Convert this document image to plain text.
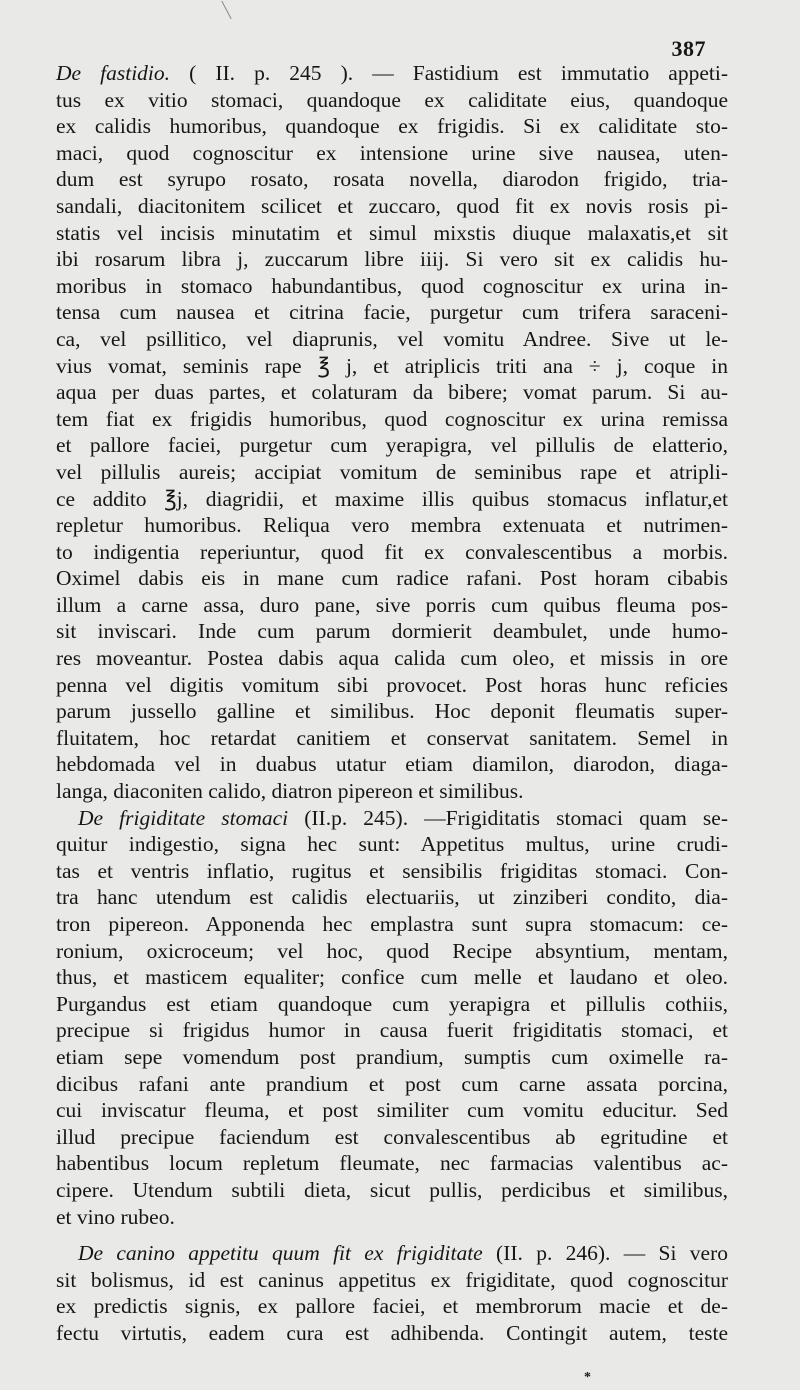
387
De fastidio. ( II. p. 245 ). — Fastidium est immutatio appeti-
tus ex vitio stomaci, quandoque ex caliditate eius, quandoque
ex calidis humoribus, quandoque ex frigidis. Si ex caliditate sto-
maci, quod cognoscitur ex intensione urine sive nausea, uten-
dum est syrupo rosato, rosata novella, diarodon frigido, tria-
sandali, diacitonitem scilicet et zuccaro, quod fit ex novis rosis pi-
statis vel incisis minutatim et simul mixstis diuque malaxatis,et sit
ibi rosarum libra j, zuccarum libre iiij. Si vero sit ex calidis hu-
moribus in stomaco habundantibus, quod cognoscitur ex urina in-
tensa cum nausea et citrina facie, purgetur cum trifera saraceni-
ca, vel psillitico, vel diaprunis, vel vomitu Andree. Sive ut le-
vius vomat, seminis rape ℥ j, et atriplicis triti ana ÷ j, coque in
aqua per duas partes, et colaturam da bibere; vomat parum. Si au-
tem fiat ex frigidis humoribus, quod cognoscitur ex urina remissa
et pallore faciei, purgetur cum yerapigra, vel pillulis de elatterio,
vel pillulis aureis; accipiat vomitum de seminibus rape et atripli-
ce addito ℥j, diagridii, et maxime illis quibus stomacus inflatur,et
repletur humoribus. Reliqua vero membra extenuata et nutrimen-
to indigentia reperiuntur, quod fit ex convalescentibus a morbis.
Oximel dabis eis in mane cum radice rafani. Post horam cibabis
illum a carne assa, duro pane, sive porris cum quibus fleuma pos-
sit inviscari. Inde cum parum dormierit deambulet, unde humo-
res moveantur. Postea dabis aqua calida cum oleo, et missis in ore
penna vel digitis vomitum sibi provocet. Post horas hunc reficies
parum jussello galline et similibus. Hoc deponit fleumatis super-
fluitatem, hoc retardat canitiem et conservat sanitatem. Semel in
hebdomada vel in duabus utatur etiam diamilon, diarodon, diaga-
langa, diaconiten calido, diatron pipereon et similibus.
De frigiditate stomaci (II.p. 245). —Frigiditatis stomaci quam se-
quitur indigestio, signa hec sunt: Appetitus multus, urine crudi-
tas et ventris inflatio, rugitus et sensibilis frigiditas stomaci. Con-
tra hanc utendum est calidis electuariis, ut zinziberi condito, dia-
tron pipereon. Apponenda hec emplastra sunt supra stomacum: ce-
ronium, oxicroceum; vel hoc, quod Recipe absyntium, mentam,
thus, et masticem equaliter; confice cum melle et laudano et oleo.
Purgandus est etiam quandoque cum yerapigra et pillulis cothiis,
precipue si frigidus humor in causa fuerit frigiditatis stomaci, et
etiam sepe vomendum post prandium, sumptis cum oximelle ra-
dicibus rafani ante prandium et post cum carne assata porcina,
cui inviscatur fleuma, et post similiter cum vomitu educitur. Sed
illud precipue faciendum est convalescentibus ab egritudine et
habentibus locum repletum fleumate, nec farmacias valentibus ac-
cipere. Utendum subtili dieta, sicut pullis, perdicibus et similibus,
et vino rubeo.
De canino appetitu quum fit ex frigiditate (II. p. 246). — Si vero
sit bolismus, id est caninus appetitus ex frigiditate, quod cognoscitur
ex predictis signis, ex pallore faciei, et membrorum macie et de-
fectu virtutis, eadem cura est adhibenda. Contingit autem, teste
*
